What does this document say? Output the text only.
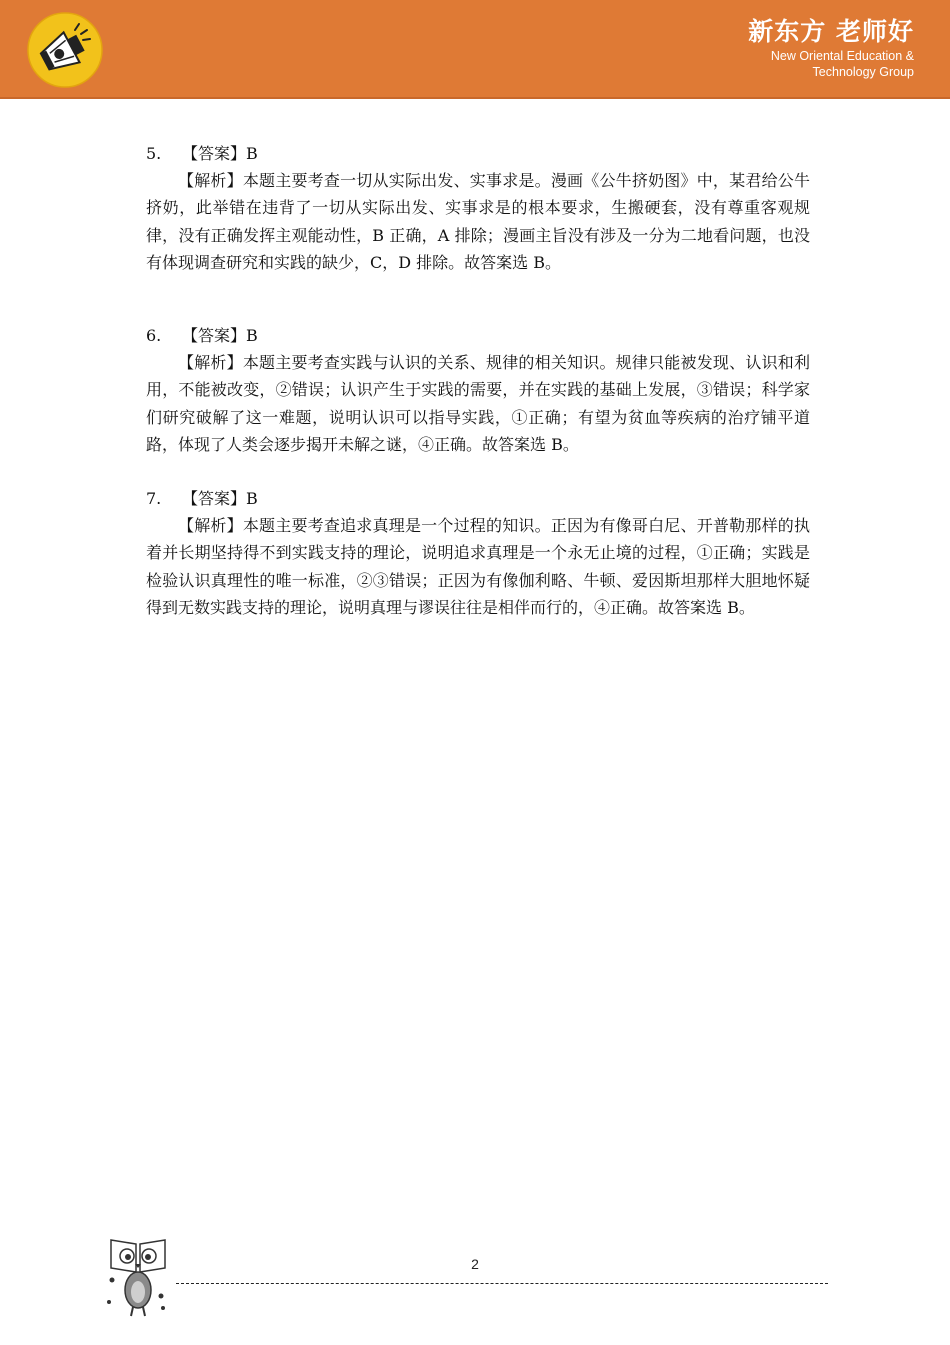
新东方 老师好
New Oriental Education &
Technology Group
5. 【答案】B
【解析】本题主要考查一切从实际出发、实事求是。漫画《公牛挤奶图》中，某君给公牛挤奶，此举错在违背了一切从实际出发、实事求是的根本要求，生搬硬套，没有尊重客观规律，没有正确发挥主观能动性，B 正确，A 排除；漫画主旨没有涉及一分为二地看问题，也没有体现调查研究和实践的缺少，C，D 排除。故答案选 B。
6. 【答案】B
【解析】本题主要考查实践与认识的关系、规律的相关知识。规律只能被发现、认识和利用，不能被改变，②错误；认识产生于实践的需要，并在实践的基础上发展，③错误；科学家们研究破解了这一难题，说明认识可以指导实践，①正确；有望为贫血等疾病的治疗铺平道路，体现了人类会逐步揭开未解之谜，④正确。故答案选 B。
7. 【答案】B
【解析】本题主要考查追求真理是一个过程的知识。正因为有像哥白尼、开普勒那样的执着并长期坚持得不到实践支持的理论，说明追求真理是一个永无止境的过程，①正确；实践是检验认识真理性的唯一标准，②③错误；正因为有像伽利略、牛顿、爱因斯坦那样大胆地怀疑得到无数实践支持的理论，说明真理与谬误往往是相伴而行的，④正确。故答案选 B。
2
